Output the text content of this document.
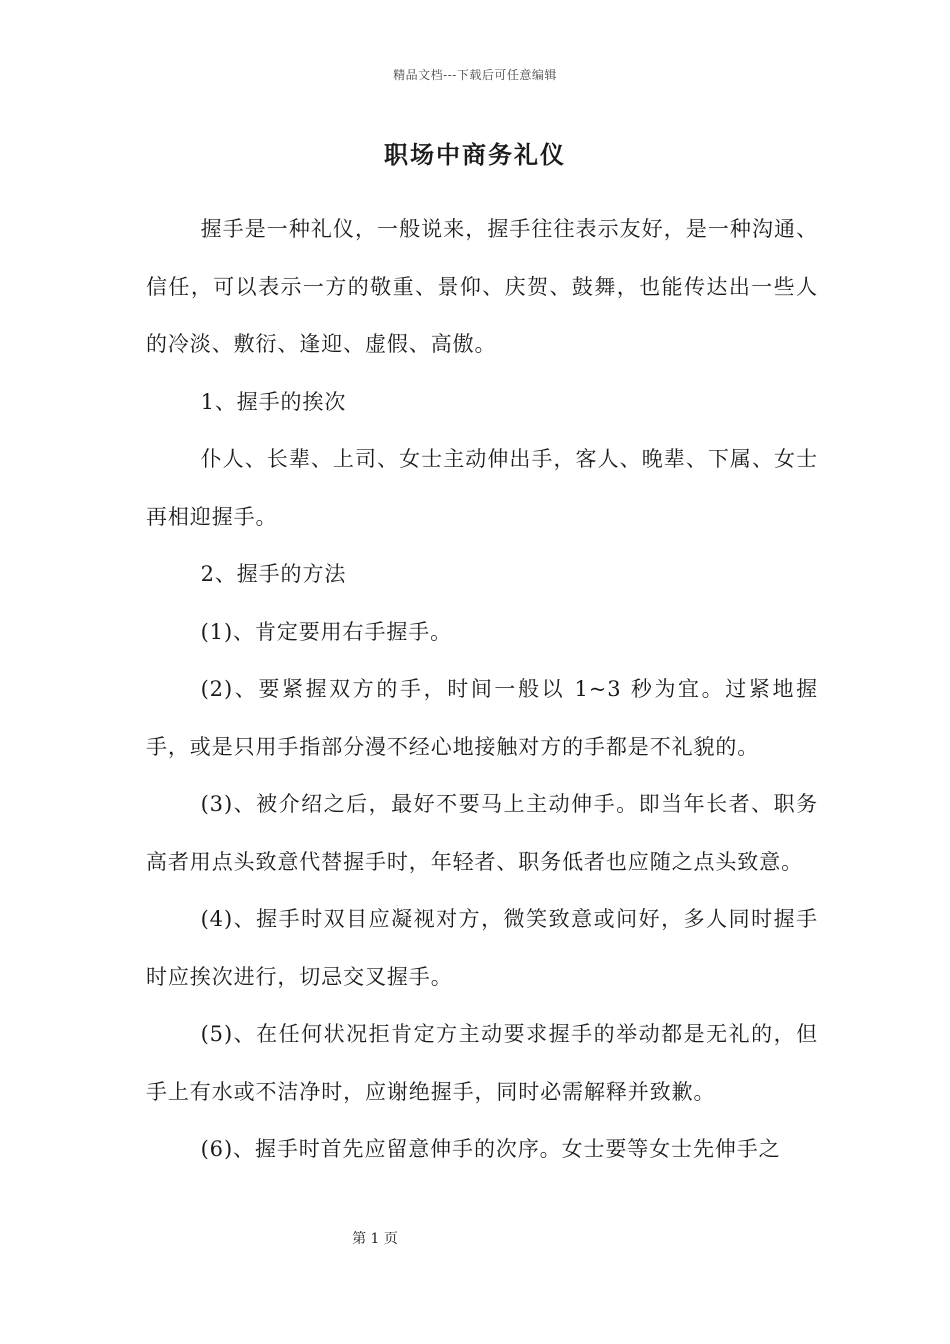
精品文档---下载后可任意编辑
职场中商务礼仪

握手是一种礼仪，一般说来，握手往往表示友好，是一种沟通、信任，可以表示一方的敬重、景仰、庆贺、鼓舞，也能传达出一些人的冷淡、敷衍、逢迎、虚假、高傲。

1、握手的挨次

仆人、长辈、上司、女士主动伸出手，客人、晚辈、下属、女士再相迎握手。

2、握手的方法

(1)、肯定要用右手握手。

(2)、要紧握双方的手，时间一般以 1~3 秒为宜。过紧地握手，或是只用手指部分漫不经心地接触对方的手都是不礼貌的。

(3)、被介绍之后，最好不要马上主动伸手。即当年长者、职务高者用点头致意代替握手时，年轻者、职务低者也应随之点头致意。

(4)、握手时双目应凝视对方，微笑致意或问好，多人同时握手时应挨次进行，切忌交叉握手。

(5)、在任何状况拒肯定方主动要求握手的举动都是无礼的，但手上有水或不洁净时，应谢绝握手，同时必需解释并致歉。

(6)、握手时首先应留意伸手的次序。女士要等女士先伸手之

第 1 页
